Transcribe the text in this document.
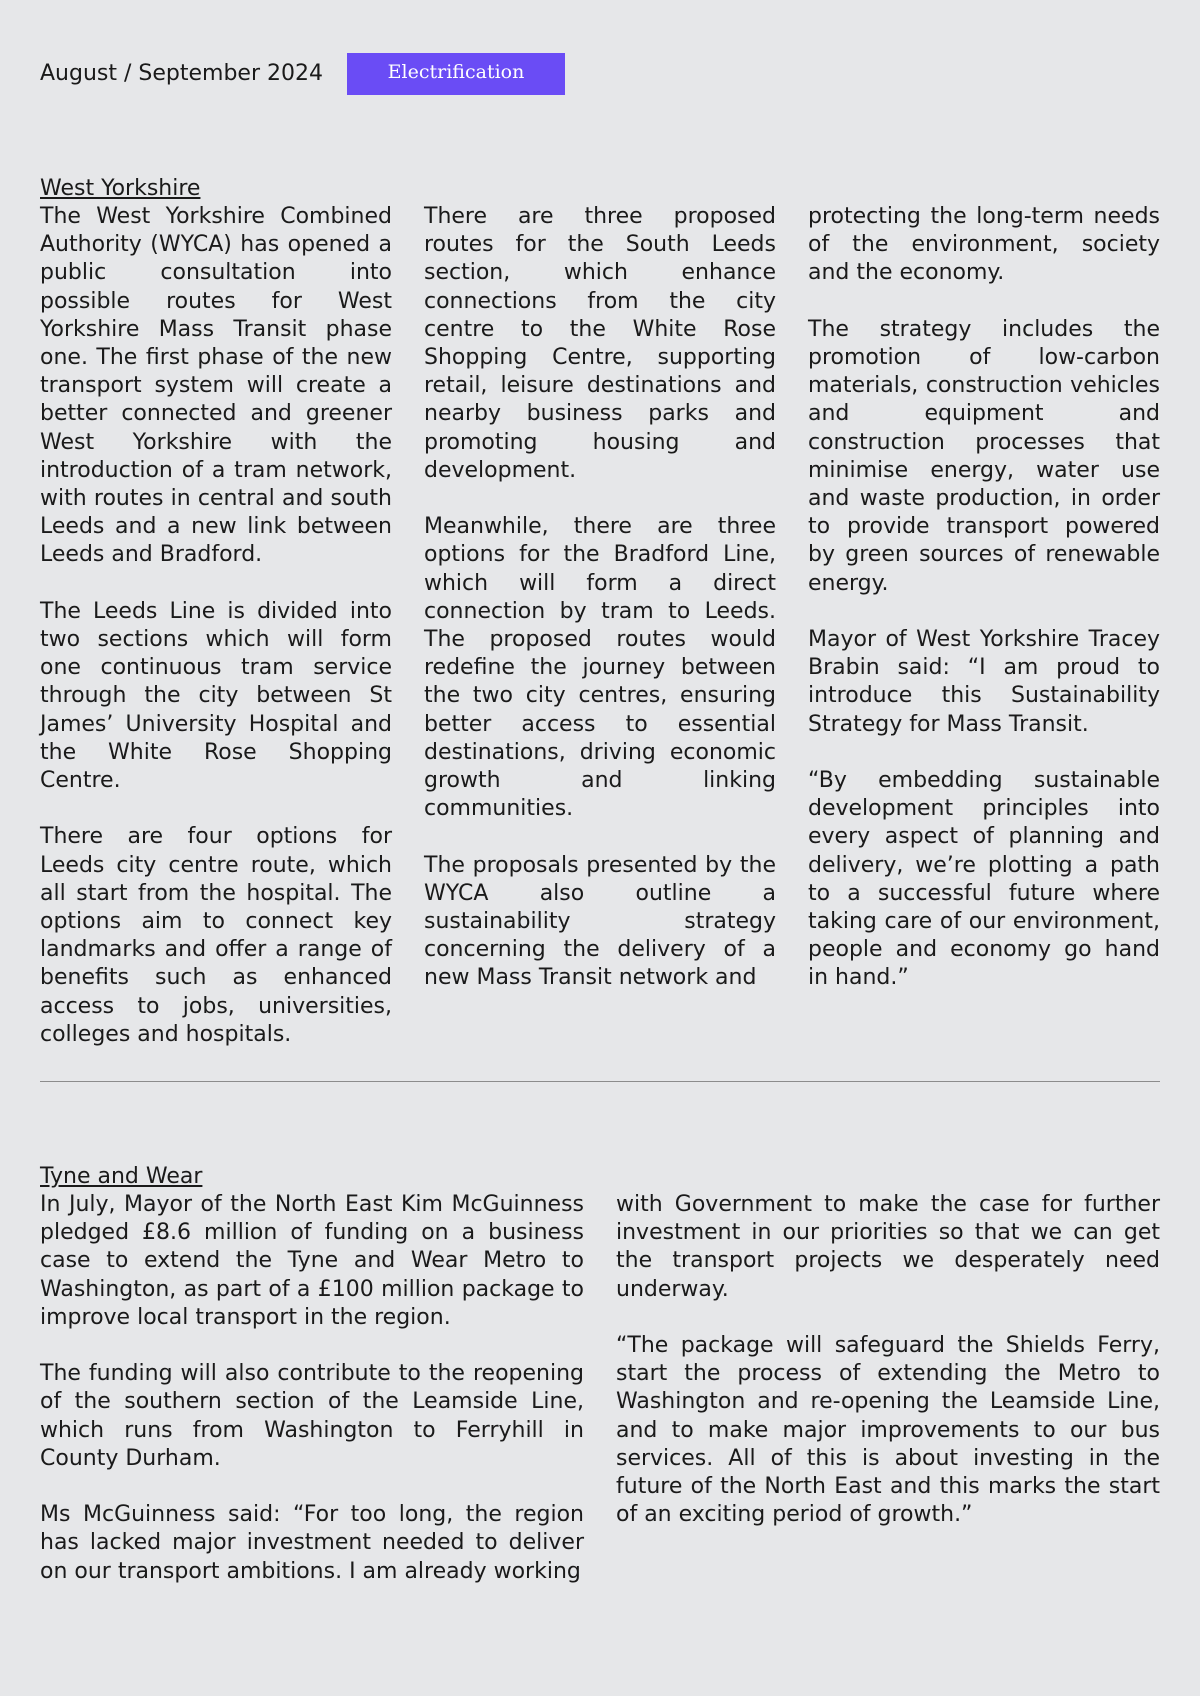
August / September 2024	Electrification
West Yorkshire

The West Yorkshire Combined Authority (WYCA) has opened a public consultation into possible routes for West Yorkshire Mass Transit phase one. The first phase of the new transport system will create a better connected and greener West Yorkshire with the introduction of a tram network, with routes in central and south Leeds and a new link between Leeds and Bradford.

The Leeds Line is divided into two sections which will form one continuous tram service through the city between St James’ University Hospital and the White Rose Shopping Centre.

There are four options for Leeds city centre route, which all start from the hospital. The options aim to connect key landmarks and offer a range of benefits such as enhanced access to jobs, universities, colleges and hospitals.

There are three proposed routes for the South Leeds section, which enhance connections from the city centre to the White Rose Shopping Centre, supporting retail, leisure destinations and nearby business parks and promoting housing and development.

Meanwhile, there are three options for the Bradford Line, which will form a direct connection by tram to Leeds. The proposed routes would redefine the journey between the two city centres, ensuring better access to essential destinations, driving economic growth and linking communities.

The proposals presented by the WYCA also outline a sustainability strategy concerning the delivery of a new Mass Transit network and

protecting the long-term needs of the environment, society and the economy.

The strategy includes the promotion of low-carbon materials, construction vehicles and equipment and construction processes that minimise energy, water use and waste production, in order to provide transport powered by green sources of renewable energy.

Mayor of West Yorkshire Tracey Brabin said: “I am proud to introduce this Sustainability Strategy for Mass Transit.

“By embedding sustainable development principles into every aspect of planning and delivery, we’re plotting a path to a successful future where taking care of our environment, people and economy go hand in hand.”

Tyne and Wear

In July, Mayor of the North East Kim McGuinness pledged £8.6 million of funding on a business case to extend the Tyne and Wear Metro to Washington, as part of a £100 million package to improve local transport in the region.

The funding will also contribute to the reopening of the southern section of the Leamside Line, which runs from Washington to Ferryhill in County Durham.

Ms McGuinness said: “For too long, the region has lacked major investment needed to deliver on our transport ambitions. I am already working

with Government to make the case for further investment in our priorities so that we can get the transport projects we desperately need underway.

“The package will safeguard the Shields Ferry, start the process of extending the Metro to Washington and re-opening the Leamside Line, and to make major improvements to our bus services. All of this is about investing in the future of the North East and this marks the start of an exciting period of growth.”
